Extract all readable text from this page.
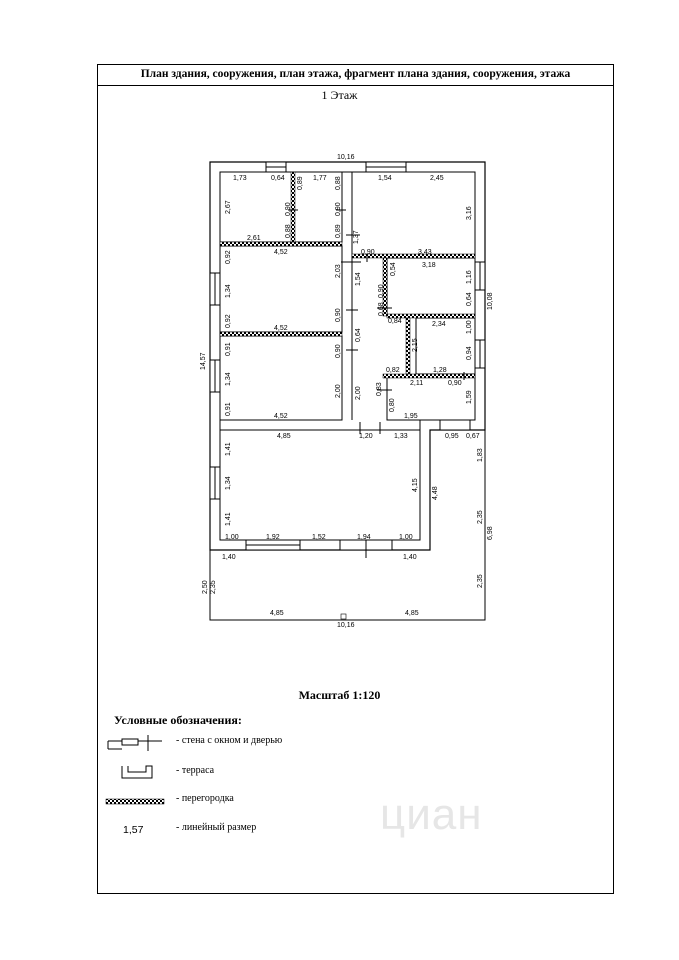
План здания, сооружения, план этажа, фрагмент плана здания, сооружения, этажа
1 Этаж
10,16
10,16
14,57
10,08
6,98
1,73	0,64	1,77
2,67
2,61
0,89
0,90
0,88
0,88
0,90
0,89 1,37
4,52
1,54	2,45
3,16
0,92
1,34
0,92
2,03
0,90
4,52
0,91
1,34
0,91
0,90
2,00
4,52
0,90
1,54
0,64
2,00
3,43
3,18
0,54
0,90
0,68
0,84
1,16
0,64
2,34
2,15
1,00
0,94
0,82	1,28
2,11	0,90
0,83
0,80
1,59
1,95
4,85	1,20	1,33
4,15
1,41
1,34
1,41
1,00	1,92	1,52	1,94	1,00
4,48
0,95 0,67
1,83
2,35
2,35
1,40	1,40
2,50 2,35
4,85	4,85
Масштаб 1:120
Условные обозначения:
- стена с окном и дверью
- терраса
- перегородка
- линейный размер
1,57	циан
